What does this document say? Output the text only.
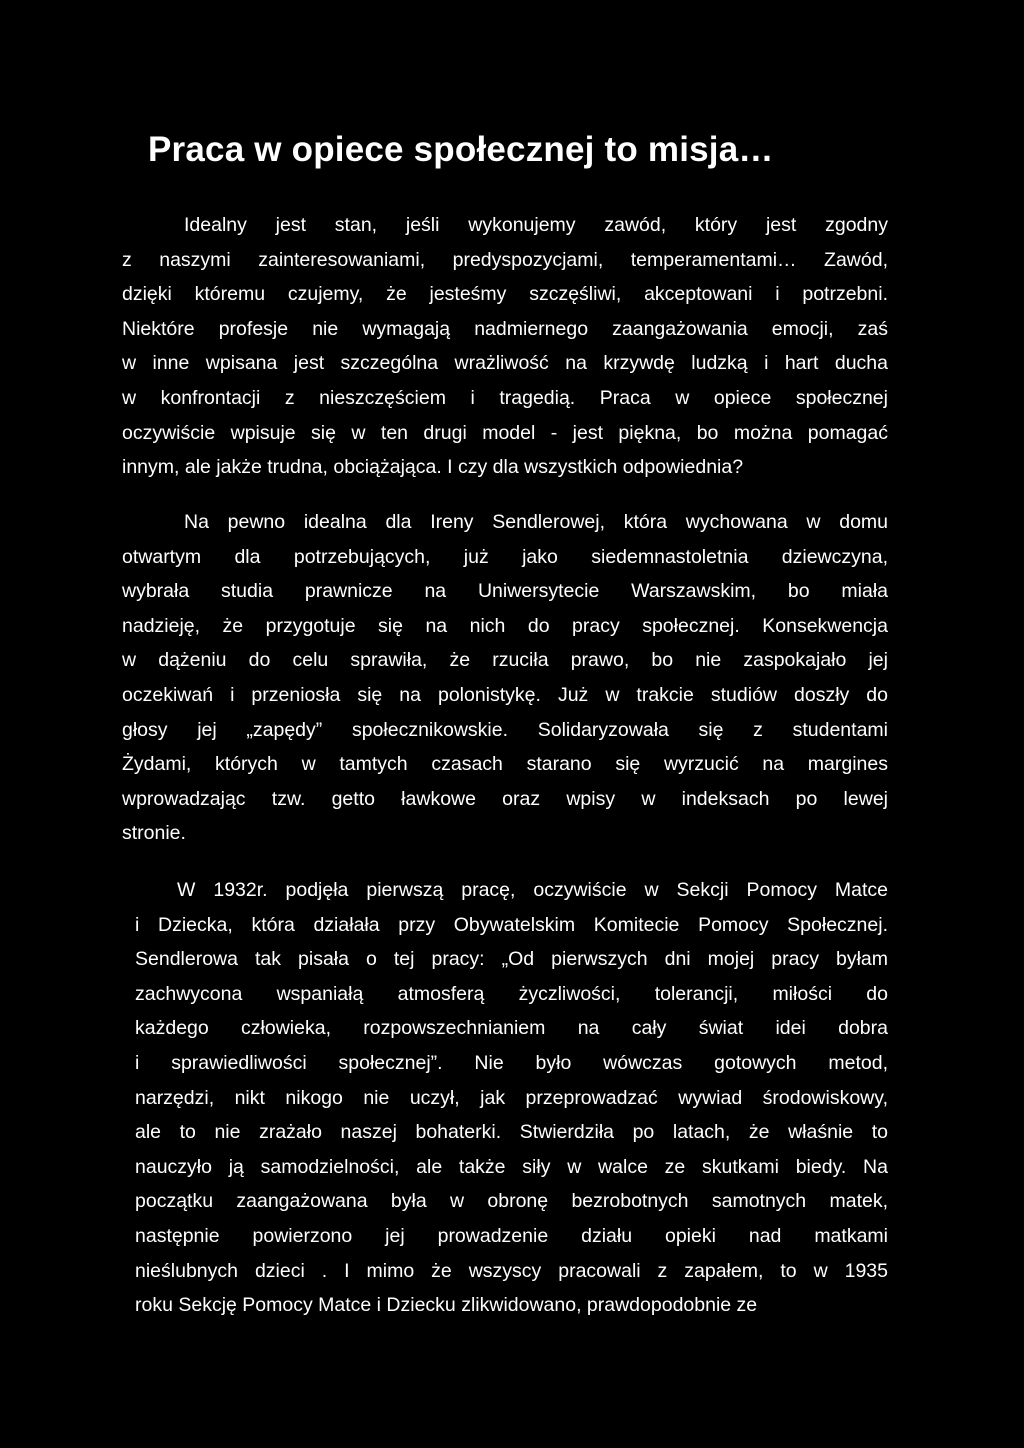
Praca w opiece społecznej to misja…

Idealny jest stan, jeśli wykonujemy zawód, który jest zgodny
z naszymi zainteresowaniami, predyspozycjami, temperamentami… Zawód,
dzięki któremu czujemy, że jesteśmy szczęśliwi, akceptowani i potrzebni.
Niektóre profesje nie wymagają nadmiernego zaangażowania emocji, zaś
w inne wpisana jest szczególna wrażliwość na krzywdę ludzką i hart ducha
w konfrontacji z nieszczęściem i tragedią. Praca w opiece społecznej
oczywiście wpisuje się w ten drugi model - jest piękna, bo można pomagać
innym, ale jakże trudna, obciążająca. I czy dla wszystkich odpowiednia?

Na pewno idealna dla Ireny Sendlerowej, która wychowana w domu
otwartym dla potrzebujących, już jako siedemnastoletnia dziewczyna,
wybrała studia prawnicze na Uniwersytecie Warszawskim, bo miała
nadzieję, że przygotuje się na nich do pracy społecznej. Konsekwencja
w dążeniu do celu sprawiła, że rzuciła prawo, bo nie zaspokajało jej
oczekiwań i przeniosła się na polonistykę. Już w trakcie studiów doszły do
głosy jej „zapędy” społecznikowskie. Solidaryzowała się z studentami
Żydami, których w tamtych czasach starano się wyrzucić na margines
wprowadzając tzw. getto ławkowe oraz wpisy w indeksach po lewej
stronie.

W 1932r. podjęła pierwszą pracę, oczywiście w Sekcji Pomocy Matce
i Dziecka, która działała przy Obywatelskim Komitecie Pomocy Społecznej.
Sendlerowa tak pisała o tej pracy: „Od pierwszych dni mojej pracy byłam
zachwycona wspaniałą atmosferą życzliwości, tolerancji, miłości do
każdego człowieka, rozpowszechnianiem na cały świat idei dobra
i sprawiedliwości społecznej”. Nie było wówczas gotowych metod,
narzędzi, nikt nikogo nie uczył, jak przeprowadzać wywiad środowiskowy,
ale to nie zrażało naszej bohaterki. Stwierdziła po latach, że właśnie to
nauczyło ją samodzielności, ale także siły w walce ze skutkami biedy. Na
początku zaangażowana była w obronę bezrobotnych samotnych matek,
następnie powierzono jej prowadzenie działu opieki nad matkami
nieślubnych dzieci . I mimo że wszyscy pracowali z zapałem, to w 1935
roku Sekcję Pomocy Matce i Dziecku zlikwidowano, prawdopodobnie ze
